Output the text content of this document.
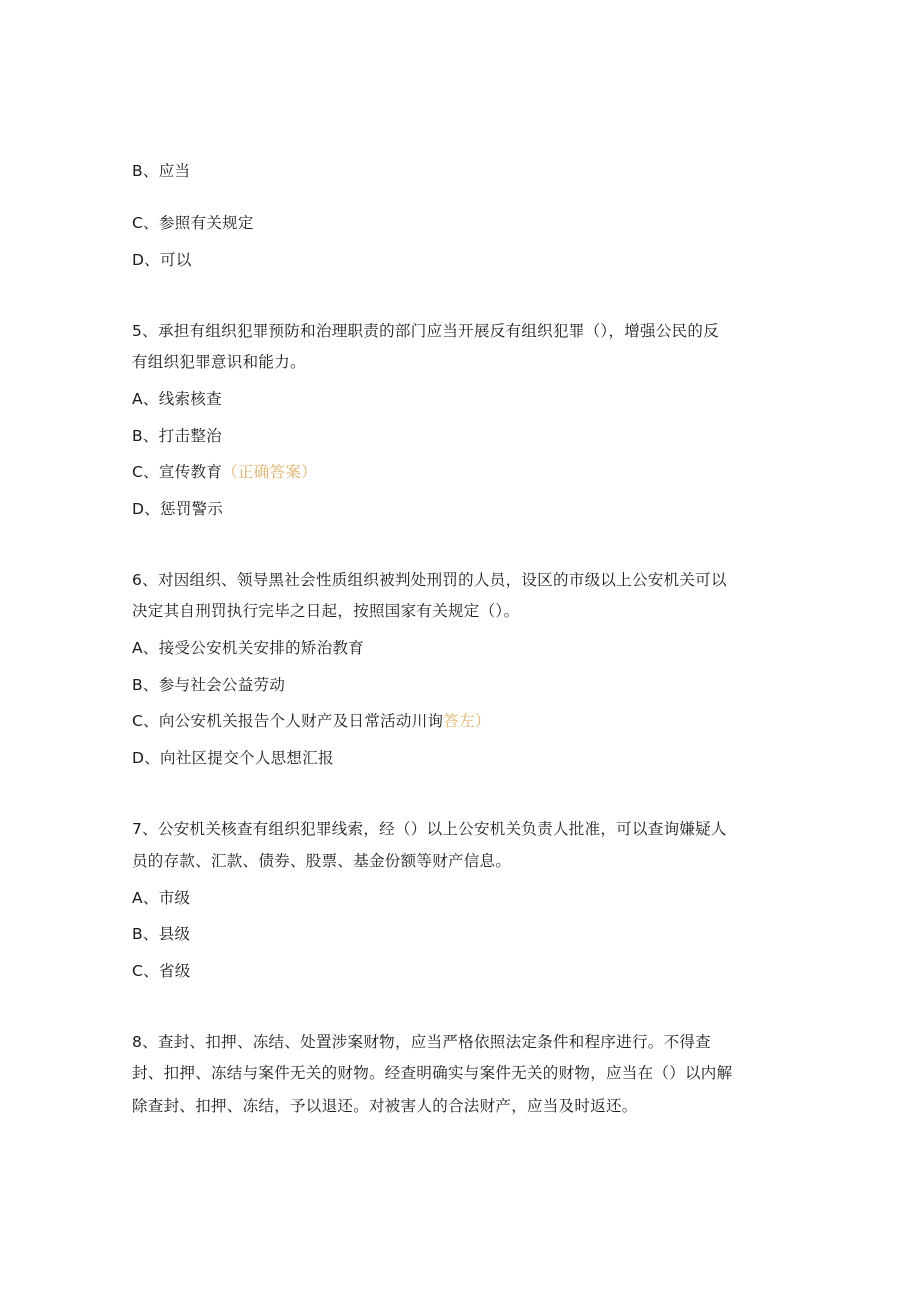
B、应当
C、参照有关规定
D、可以
5、承担有组织犯罪预防和治理职责的部门应当开展反有组织犯罪（），增强公民的反
有组织犯罪意识和能力。
A、线索核查
B、打击整治
C、宣传教育（正确答案）
D、惩罚警示
6、对因组织、领导黑社会性质组织被判处刑罚的人员，设区的市级以上公安机关可以
决定其自刑罚执行完毕之日起，按照国家有关规定（）。
A、接受公安机关安排的矫治教育
B、参与社会公益劳动
C、向公安机关报告个人财产及日常活动川询答左）
D、向社区提交个人思想汇报
7、公安机关核查有组织犯罪线索，经（）以上公安机关负责人批准，可以查询嫌疑人
员的存款、汇款、债券、股票、基金份额等财产信息。
A、市级
B、县级
C、省级
8、查封、扣押、冻结、处置涉案财物，应当严格依照法定条件和程序进行。不得查
封、扣押、冻结与案件无关的财物。经查明确实与案件无关的财物，应当在（）以内解
除查封、扣押、冻结，予以退还。对被害人的合法财产，应当及时返还。
